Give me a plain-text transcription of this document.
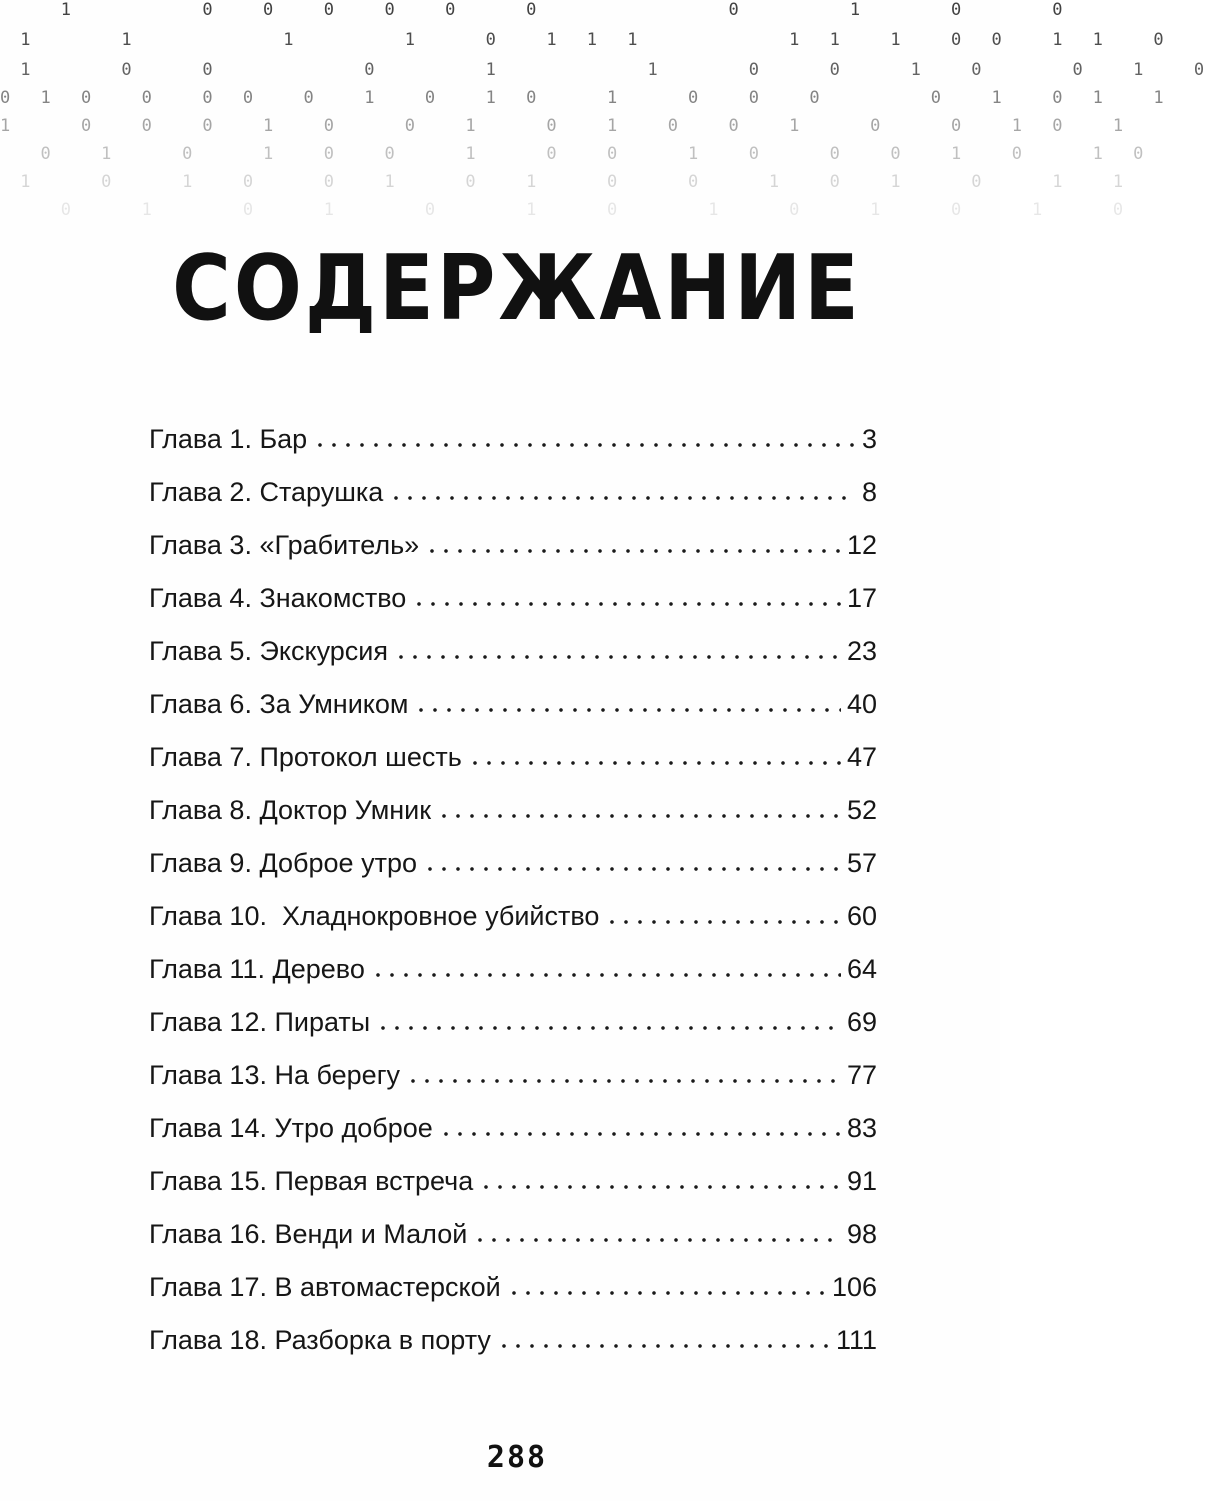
1      0  0  0  0  0   0         0     1    0    0
1    1       1     1   0  1 1 1       1 1  1  0 0  1 1  0
1    0   0       0     1       1    0   0   1  0    0  1  0
0 1 0  0  0 0  0  1  0  1 0   1   0  0  0     0  1  0 1  1
1   0  0  0  1  0   0  1   0  1  0  0  1   0   0  1 0  1
0  1   0   1  0  0   1   0  0   1  0   0  0  1  0   1 0
1   0   1  0   0  1   0  1   0   0   1  0  1   0   1  1
0   1    0   1    0    1   0    1   0   1   0   1   0
СОДЕРЖАНИЕ
Глава 1. Бар	3
Глава 2. Старушка	8
Глава 3. «Грабитель»	12
Глава 4. Знакомство	17
Глава 5. Экскурсия	23
Глава 6. За Умником	40
Глава 7. Протокол шесть	47
Глава 8. Доктор Умник	52
Глава 9. Доброе утро	57
Глава 10.  Хладнокровное убийство	60
Глава 11. Дерево	64
Глава 12. Пираты	69
Глава 13. На берегу	77
Глава 14. Утро доброе	83
Глава 15. Первая встреча	91
Глава 16. Венди и Малой	98
Глава 17. В автомастерской	106
Глава 18. Разборка в порту	111
288
